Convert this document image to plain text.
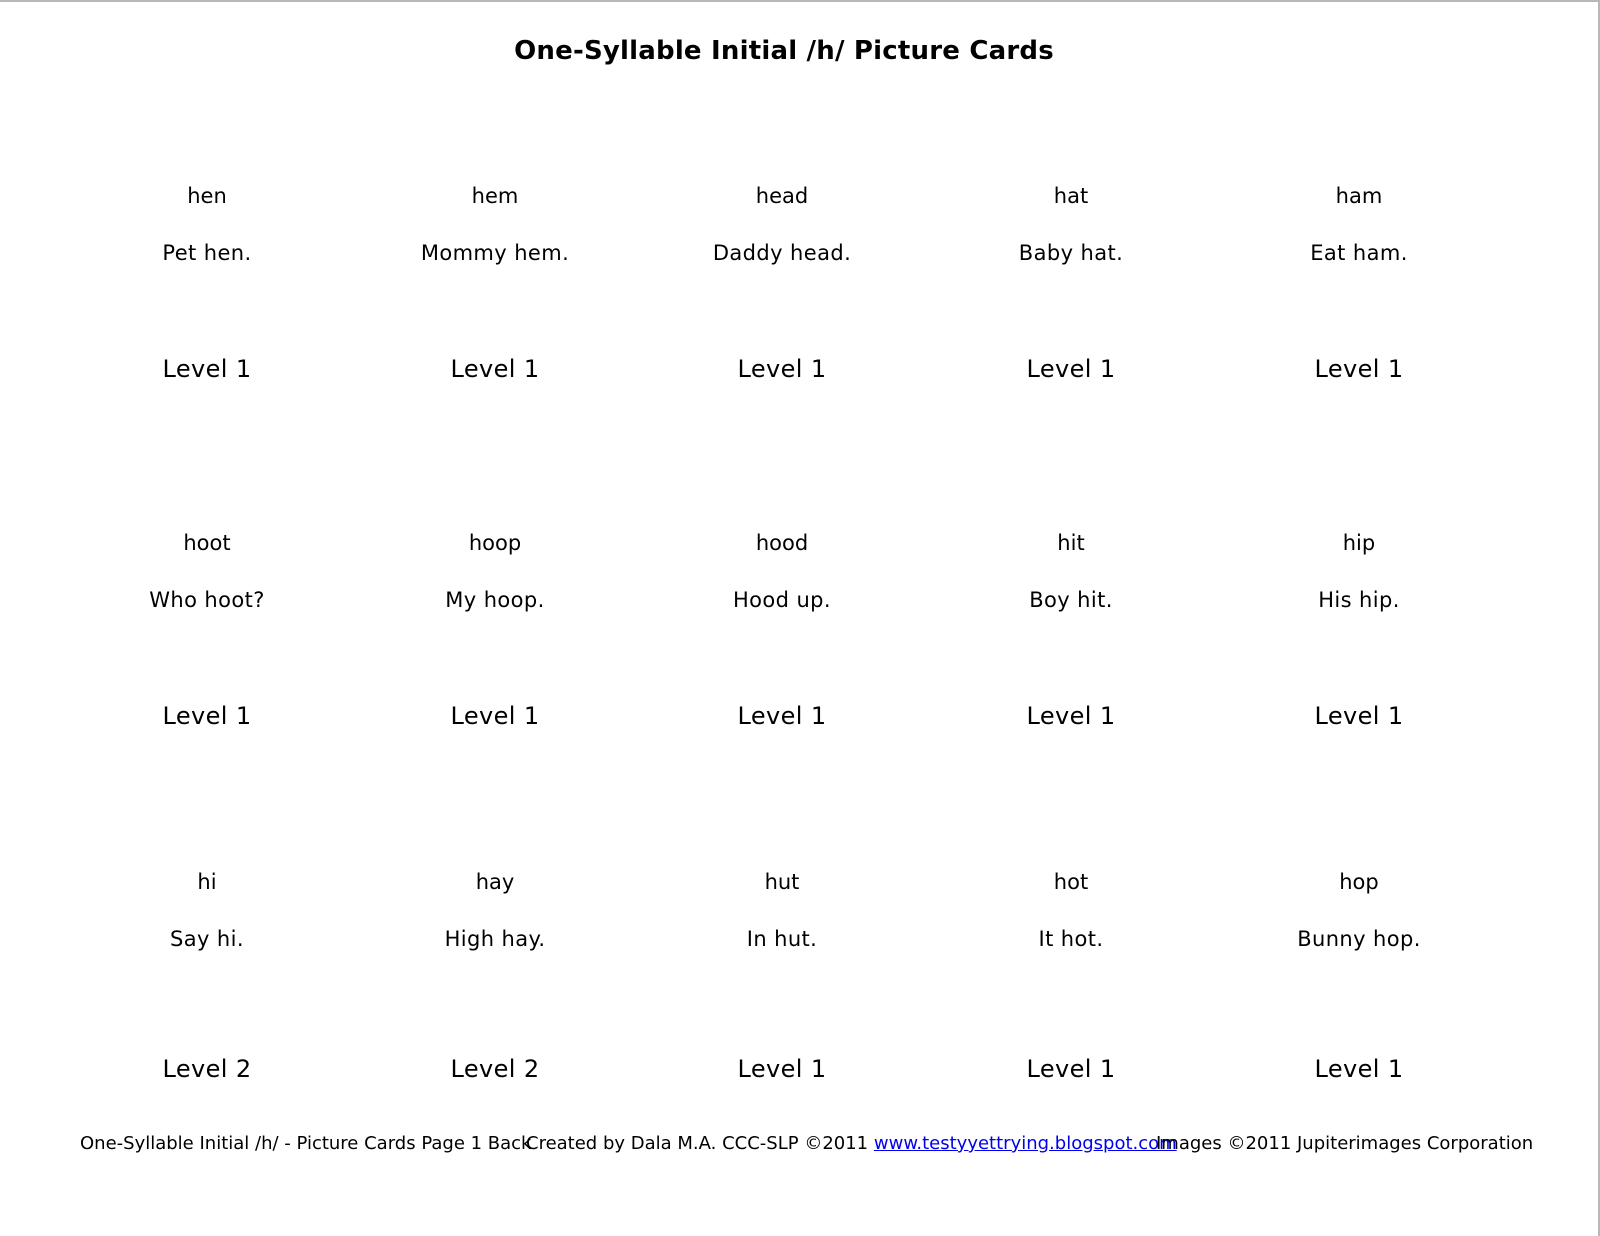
One-Syllable Initial /h/ Picture Cards
hen
Pet hen.
Level 1
hem
Mommy hem.
Level 1
head
Daddy head.
Level 1
hat
Baby hat.
Level 1
ham
Eat ham.
Level 1
hoot
Who hoot?
Level 1
hoop
My hoop.
Level 1
hood
Hood up.
Level 1
hit
Boy hit.
Level 1
hip
His hip.
Level 1
hi
Say hi.
Level 2
hay
High hay.
Level 2
hut
In hut.
Level 1
hot
It hot.
Level 1
hop
Bunny hop.
Level 1
One-Syllable Initial /h/ - Picture Cards Page 1 Back
Created by Dala M.A. CCC-SLP ©2011 www.testyyettrying.blogspot.com
Images ©2011 Jupiterimages Corporation
